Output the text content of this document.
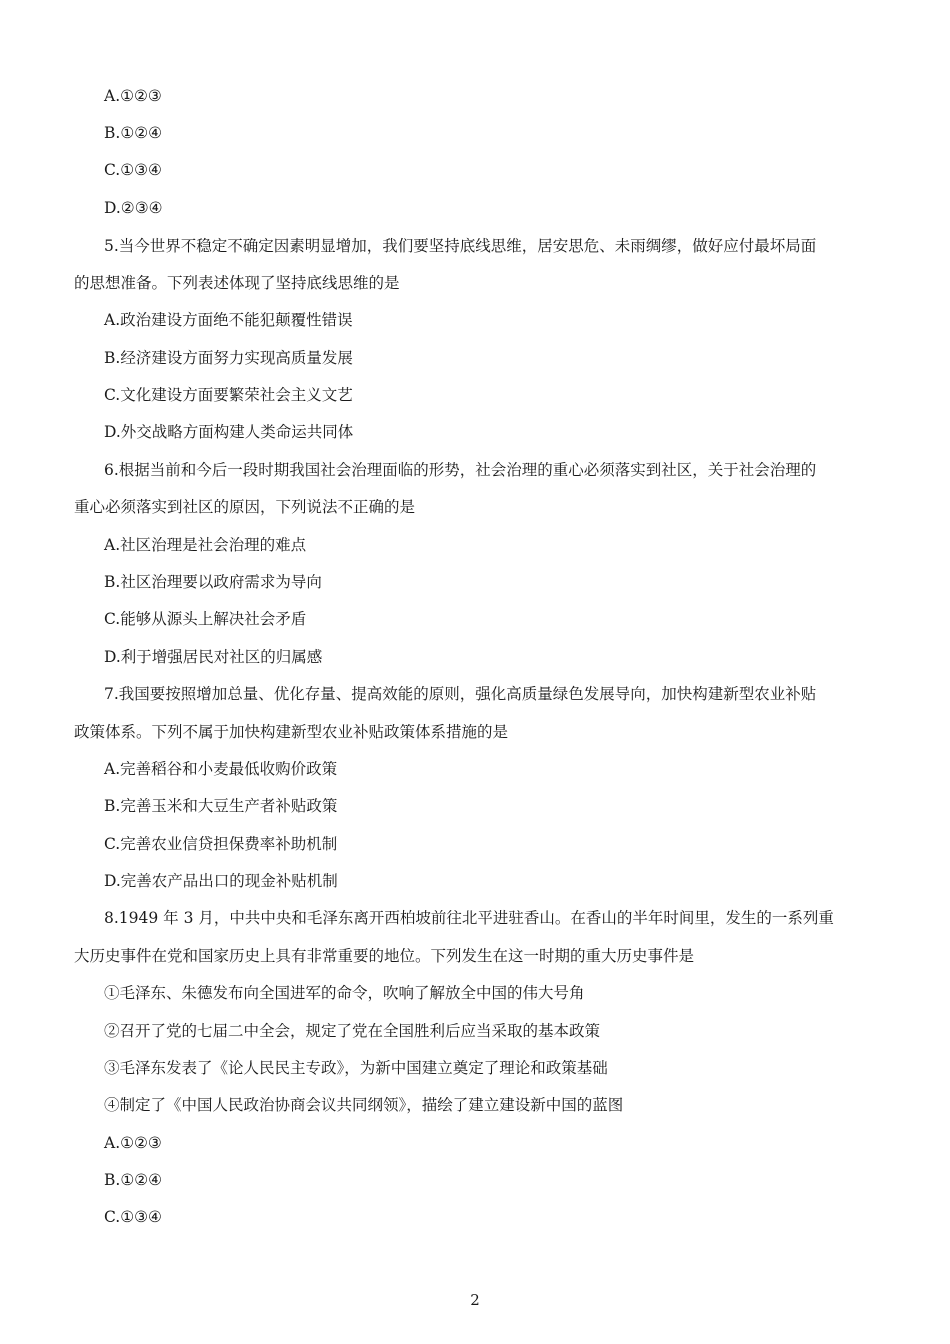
A.①②③
B.①②④
C.①③④
D.②③④
5.当今世界不稳定不确定因素明显增加，我们要坚持底线思维，居安思危、未雨绸缪，做好应付最坏局面
的思想准备。下列表述体现了坚持底线思维的是
A.政治建设方面绝不能犯颠覆性错误
B.经济建设方面努力实现高质量发展
C.文化建设方面要繁荣社会主义文艺
D.外交战略方面构建人类命运共同体
6.根据当前和今后一段时期我国社会治理面临的形势，社会治理的重心必须落实到社区，关于社会治理的
重心必须落实到社区的原因，下列说法不正确的是
A.社区治理是社会治理的难点
B.社区治理要以政府需求为导向
C.能够从源头上解决社会矛盾
D.利于增强居民对社区的归属感
7.我国要按照增加总量、优化存量、提高效能的原则，强化高质量绿色发展导向，加快构建新型农业补贴
政策体系。下列不属于加快构建新型农业补贴政策体系措施的是
A.完善稻谷和小麦最低收购价政策
B.完善玉米和大豆生产者补贴政策
C.完善农业信贷担保费率补助机制
D.完善农产品出口的现金补贴机制
8.1949 年 3 月，中共中央和毛泽东离开西柏坡前往北平进驻香山。在香山的半年时间里，发生的一系列重
大历史事件在党和国家历史上具有非常重要的地位。下列发生在这一时期的重大历史事件是
①毛泽东、朱德发布向全国进军的命令，吹响了解放全中国的伟大号角
②召开了党的七届二中全会，规定了党在全国胜利后应当采取的基本政策
③毛泽东发表了《论人民民主专政》，为新中国建立奠定了理论和政策基础
④制定了《中国人民政治协商会议共同纲领》，描绘了建立建设新中国的蓝图
A.①②③
B.①②④
C.①③④
2
